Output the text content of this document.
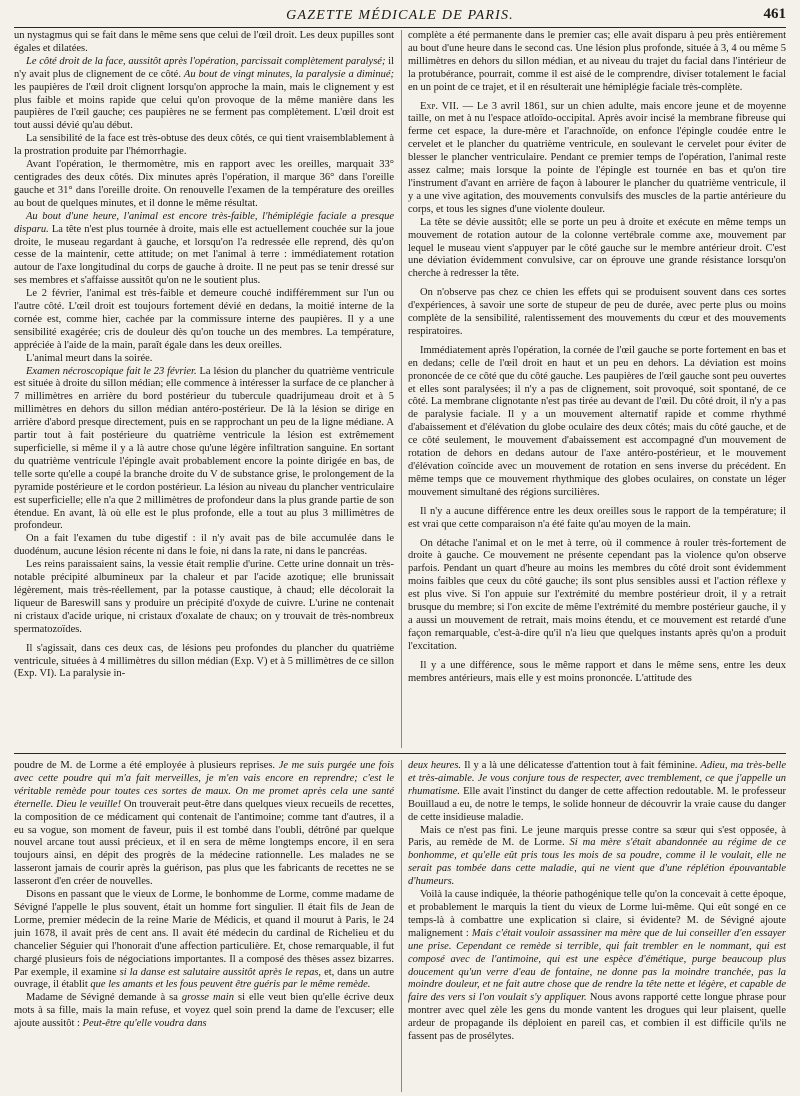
GAZETTE MÉDICALE DE PARIS.	461

un nystagmus qui se fait dans le même sens que celui de l'œil droit. Les deux pupilles sont égales et dilatées.

Le côté droit de la face, aussitôt après l'opération, parcissait complètement paralysé; il n'y avait plus de clignement de ce côté. Au bout de vingt minutes, la paralysie a diminué; les paupières de l'œil droit clignent lorsqu'on approche la main, mais le clignement y est plus faible et moins rapide que celui qu'on provoque de la même manière dans les paupières de l'œil gauche; ces paupières ne se ferment pas complètement. L'œil droit est tout aussi dévié qu'au début.

La sensibilité de la face est très-obtuse des deux côtés, ce qui tient vraisemblablement à la prostration produite par l'hémorrhagie.

Avant l'opération, le thermomètre, mis en rapport avec les oreilles, marquait 33° centigrades des deux côtés. Dix minutes après l'opération, il marque 36° dans l'oreille gauche et 31° dans l'oreille droite. On renouvelle l'examen de la température des oreilles au bout de quelques minutes, et il donne le même résultat.

Au bout d'une heure, l'animal est encore très-faible, l'hémiplégie faciale a presque disparu. La tête n'est plus tournée à droite, mais elle est actuellement couchée sur la joue droite, le museau regardant à gauche, et lorsqu'on l'a redressée elle reprend, dès qu'on cesse de la maintenir, cette attitude; on met l'animal à terre : immédiatement rotation autour de l'axe longitudinal du corps de gauche à droite. Il ne peut pas se tenir dressé sur ses membres et s'affaisse aussitôt qu'on ne le soutient plus.

Le 2 février, l'animal est très-faible et demeure couché indifféremment sur l'un ou l'autre côté. L'œil droit est toujours fortement dévié en dedans, la moitié interne de la cornée est, comme hier, cachée par la commissure interne des paupières. Il y a une sensibilité exagérée; cris de douleur dès qu'on touche un des membres. La température, appréciée à l'aide de la main, paraît égale dans les deux oreilles.

L'animal meurt dans la soirée.

Examen nécroscopique fait le 23 février. La lésion du plancher du quatrième ventricule est située à droite du sillon médian; elle commence à intéresser la surface de ce plancher à 7 millimètres en arrière du bord postérieur du tubercule quadrijumeau droit et à 5 millimètres en dehors du sillon médian antéro-postérieur. De là la lésion se dirige en arrière d'abord presque directement, puis en se rapprochant un peu de la ligne médiane. A partir tout à fait postérieure du quatrième ventricule la lésion est extrêmement superficielle, si même il y a là autre chose qu'une légère infiltration sanguine. En sortant du quatrième ventricule l'épingle avait probablement encore la pointe dirigée en bas, de telle sorte qu'elle a coupé la branche droite du V de substance grise, le prolongement de la pyramide postérieure et le cordon postérieur. La lésion au niveau du plancher ventriculaire est superficielle; elle n'a que 2 millimètres de profondeur dans la plus grande partie de son étendue. En avant, là où elle est le plus profonde, elle a tout au plus 3 millimètres de profondeur.

On a fait l'examen du tube digestif : il n'y avait pas de bile accumulée dans le duodénum, aucune lésion récente ni dans le foie, ni dans la rate, ni dans le pancréas.

Les reins paraissaient sains, la vessie était remplie d'urine. Cette urine donnait un très-notable précipité albumineux par la chaleur et par l'acide azotique; elle brunissait légèrement, mais très-réellement, par la potasse caustique, à chaud; elle décolorait la liqueur de Bareswill sans y produire un précipité d'oxyde de cuivre. L'urine ne contenait ni cristaux d'acide urique, ni cristaux d'oxalate de chaux; on y trouvait de très-nombreux spermatozoïdes.

Il s'agissait, dans ces deux cas, de lésions peu profondes du plancher du quatrième ventricule, situées à 4 millimètres du sillon médian (Exp. V) et à 5 millimètres de ce sillon (Exp. VI). La paralysie in-

complète a été permanente dans le premier cas; elle avait disparu à peu près entièrement au bout d'une heure dans le second cas. Une lésion plus profonde, située à 3, 4 ou même 5 millimètres en dehors du sillon médian, et au niveau du trajet du facial dans l'intérieur de la protubérance, pourrait, comme il est aisé de le comprendre, diviser totalement le facial en un point de ce trajet, et il en résulterait une hémiplégie faciale très-complète.

Exp. VII. — Le 3 avril 1861, sur un chien adulte, mais encore jeune et de moyenne taille, on met à nu l'espace atloïdo-occipital. Après avoir incisé la membrane fibreuse qui ferme cet espace, la dure-mère et l'arachnoïde, on enfonce l'épingle coudée entre le cervelet et le plancher du quatrième ventricule, en soulevant le cervelet pour éviter de blesser le plancher ventriculaire. Pendant ce premier temps de l'opération, l'animal reste assez calme; mais lorsque la pointe de l'épingle est tournée en bas et qu'on tire l'instrument d'avant en arrière de façon à labourer le plancher du quatrième ventricule, il y a une vive agitation, des mouvements convulsifs des muscles de la partie antérieure du corps, et tous les signes d'une violente douleur.

La tête se dévie aussitôt; elle se porte un peu à droite et exécute en même temps un mouvement de rotation autour de la colonne vertébrale comme axe, mouvement par lequel le museau vient s'appuyer par le côté gauche sur le membre antérieur droit. C'est une déviation évidemment convulsive, car on éprouve une grande résistance lorsqu'on cherche à redresser la tête.

On n'observe pas chez ce chien les effets qui se produisent souvent dans ces sortes d'expériences, à savoir une sorte de stupeur de peu de durée, avec perte plus ou moins complète de la sensibilité, ralentissement des mouvements du cœur et des mouvements respiratoires.

Immédiatement après l'opération, la cornée de l'œil gauche se porte fortement en bas et en dedans; celle de l'œil droit en haut et un peu en dehors. La déviation est moins prononcée de ce côté que du côté gauche. Les paupières de l'œil gauche sont peu ouvertes et elles sont paralysées; il n'y a pas de clignement, soit provoqué, soit spontané, de ce côté. La membrane clignotante n'est pas tirée au devant de l'œil. Du côté droit, il n'y a pas de paralysie faciale. Il y a un mouvement alternatif rapide et comme rhythmé d'abaissement et d'élévation du globe oculaire des deux côtés; mais du côté gauche, et de ce côté seulement, le mouvement d'abaissement est accompagné d'un mouvement de rotation de dehors en dedans autour de l'axe antéro-postérieur, et le mouvement d'élévation coïncide avec un mouvement de rotation en sens inverse du précédent. En même temps que ce mouvement rhythmique des globes oculaires, on constate un léger mouvement simultané des régions surcilières.

Il n'y a aucune différence entre les deux oreilles sous le rapport de la température; il est vrai que cette comparaison n'a été faite qu'au moyen de la main.

On détache l'animal et on le met à terre, où il commence à rouler très-fortement de droite à gauche. Ce mouvement ne présente cependant pas la violence qu'on observe parfois. Pendant un quart d'heure au moins les membres du côté droit sont évidemment moins faibles que ceux du côté gauche; ils sont plus sensibles aussi et l'action réflexe y est plus vive. Si l'on appuie sur l'extrémité du membre postérieur droit, il y a retrait brusque du membre; si l'on excite de même l'extrémité du membre postérieur gauche, il y a aussi un mouvement de retrait, mais moins étendu, et ce mouvement est retardé d'une façon remarquable, c'est-à-dire qu'il n'a lieu que quelques instants après qu'on a produit l'excitation.

Il y a une différence, sous le même rapport et dans le même sens, entre les deux membres antérieurs, mais elle y est moins prononcée. L'attitude des

poudre de M. de Lorme a été employée à plusieurs reprises. Je me suis purgée une fois avec cette poudre qui m'a fait merveilles, je m'en vais encore en reprendre; c'est le véritable remède pour toutes ces sortes de maux. On me promet après cela une santé éternelle. Dieu le veuille! On trouverait peut-être dans quelques vieux recueils de recettes, la composition de ce médicament qui contenait de l'antimoine; comme tant d'autres, il a eu sa vogue, son moment de faveur, puis il est tombé dans l'oubli, détrôné par quelque nouvel arcane tout aussi précieux, et il en sera de même longtemps encore, il en sera toujours ainsi, en dépit des progrès de la médecine rationnelle. Les malades ne se lasseront jamais de courir après la guérison, pas plus que les fabricants de recettes ne se lasseront d'en créer de nouvelles.

Disons en passant que le vieux de Lorme, le bonhomme de Lorme, comme madame de Sévigné l'appelle le plus souvent, était un homme fort singulier. Il était fils de Jean de Lorme, premier médecin de la reine Marie de Médicis, et quand il mourut à Paris, le 24 juin 1678, il avait près de cent ans. Il avait été médecin du cardinal de Richelieu et du chancelier Séguier qui l'honorait d'une affection particulière. Et, chose remarquable, il fut chargé plusieurs fois de négociations importantes. Il a composé des thèses assez bizarres. Par exemple, il examine si la danse est salutaire aussitôt après le repas, et, dans un autre ouvrage, il établit que les amants et les fous peuvent être guéris par le même remède.

Madame de Sévigné demande à sa grosse main si elle veut bien qu'elle écrive deux mots à sa fille, mais la main refuse, et voyez quel soin prend la dame de l'excuser; elle ajoute aussitôt : Peut-être qu'elle voudra dans

deux heures. Il y a là une délicatesse d'attention tout à fait féminine. Adieu, ma très-belle et très-aimable. Je vous conjure tous de respecter, avec tremblement, ce que j'appelle un rhumatisme. Elle avait l'instinct du danger de cette affection redoutable. M. le professeur Bouillaud a eu, de notre le temps, le solide honneur de découvrir la vraie cause du danger de cette insidieuse maladie.

Mais ce n'est pas fini. Le jeune marquis presse contre sa sœur qui s'est opposée, à Paris, au remède de M. de Lorme. Si ma mère s'était abandonnée au régime de ce bonhomme, et qu'elle eût pris tous les mois de sa poudre, comme il le voulait, elle ne serait pas tombée dans cette maladie, qui ne vient que d'une réplétion épouvantable d'humeurs.

Voilà la cause indiquée, la théorie pathogénique telle qu'on la concevait à cette époque, et probablement le marquis la tient du vieux de Lorme lui-même. Qui eût songé en ce temps-là à combattre une explication si claire, si évidente? M. de Sévigné ajoute malignement : Mais c'était vouloir assassiner ma mère que de lui conseiller d'en essayer une prise. Cependant ce remède si terrible, qui fait trembler en le nommant, qui est composé avec de l'antimoine, qui est une espèce d'émétique, purge beaucoup plus doucement qu'un verre d'eau de fontaine, ne donne pas la moindre tranchée, pas la moindre douleur, et ne fait autre chose que de rendre la tête nette et légère, et capable de faire des vers si l'on voulait s'y appliquer. Nous avons rapporté cette longue phrase pour montrer avec quel zèle les gens du monde vantent les drogues qui leur plaisent, quelle ardeur de propagande ils déploient en pareil cas, et combien il est difficile qu'ils ne fassent pas de prosélytes.
